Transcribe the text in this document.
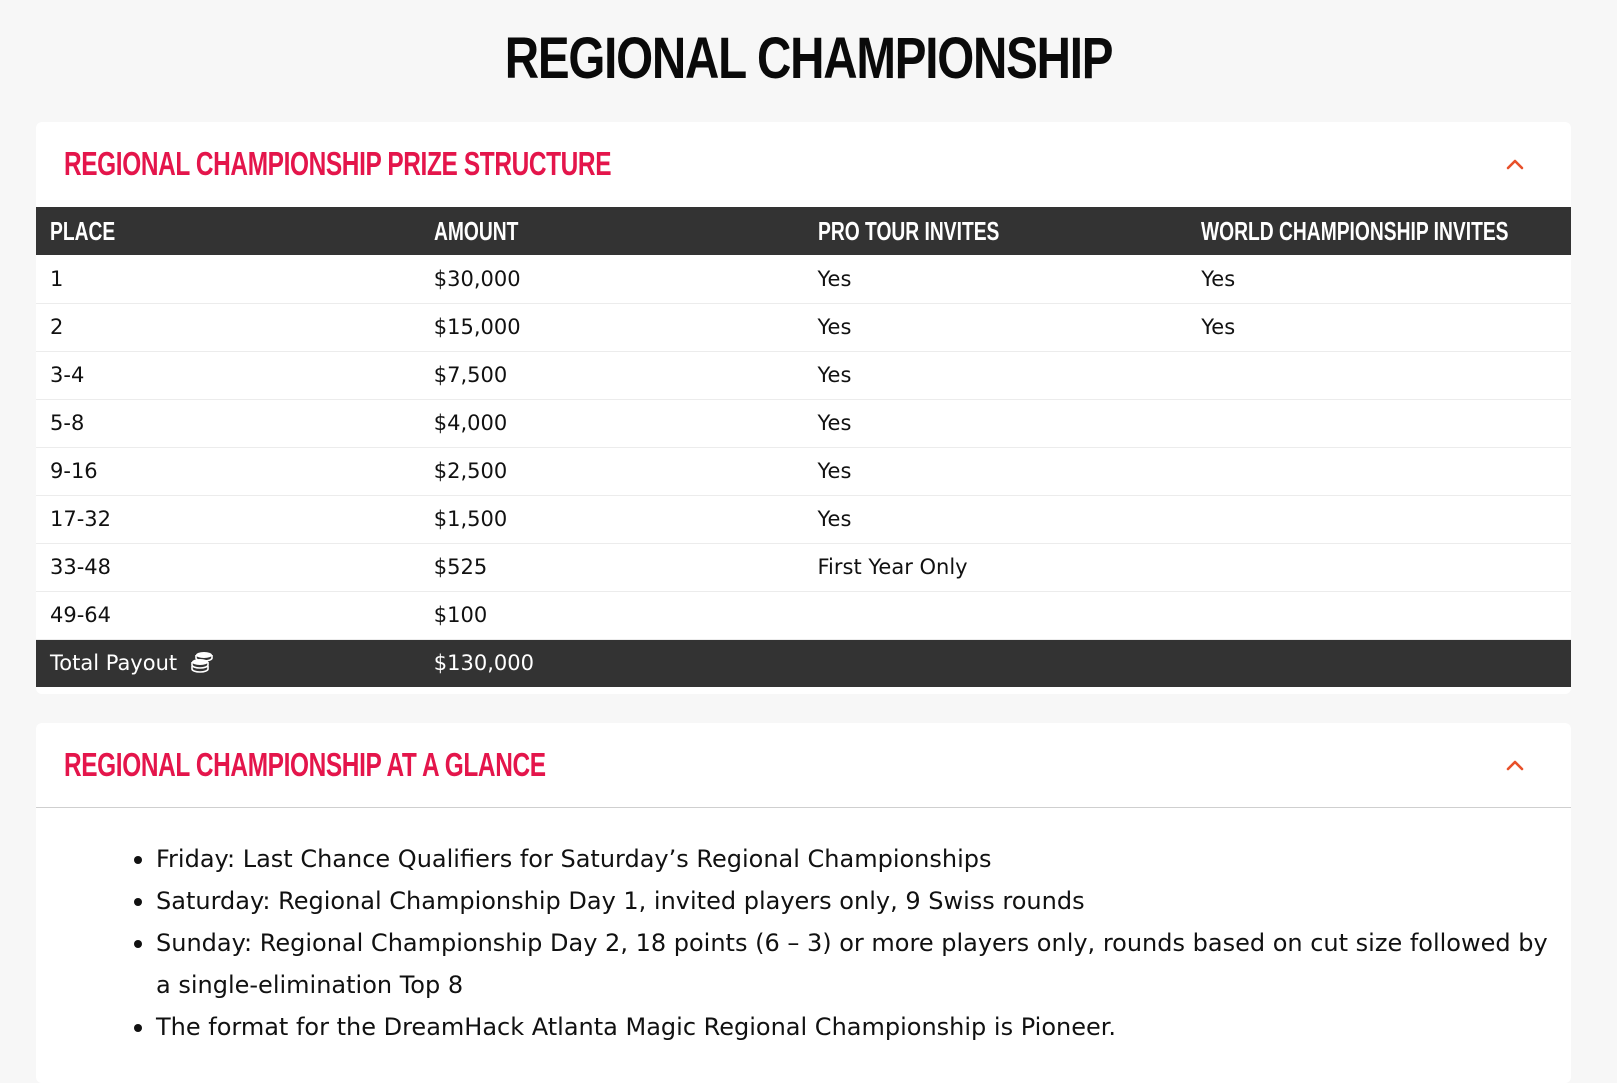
REGIONAL CHAMPIONSHIP
REGIONAL CHAMPIONSHIP PRIZE STRUCTURE
PLACE	AMOUNT	PRO TOUR INVITES	WORLD CHAMPIONSHIP INVITES
1	$30,000	Yes	Yes
2	$15,000	Yes	Yes
3-4	$7,500	Yes	
5-8	$4,000	Yes	
9-16	$2,500	Yes	
17-32	$1,500	Yes	
33-48	$525	First Year Only	
49-64	$100		
Total Payout	$130,000		
REGIONAL CHAMPIONSHIP AT A GLANCE
Friday: Last Chance Qualifiers for Saturday’s Regional Championships
Saturday: Regional Championship Day 1, invited players only, 9 Swiss rounds
Sunday: Regional Championship Day 2, 18 points (6 – 3) or more players only, rounds based on cut size followed by a single-elimination Top 8
The format for the DreamHack Atlanta Magic Regional Championship is Pioneer.
